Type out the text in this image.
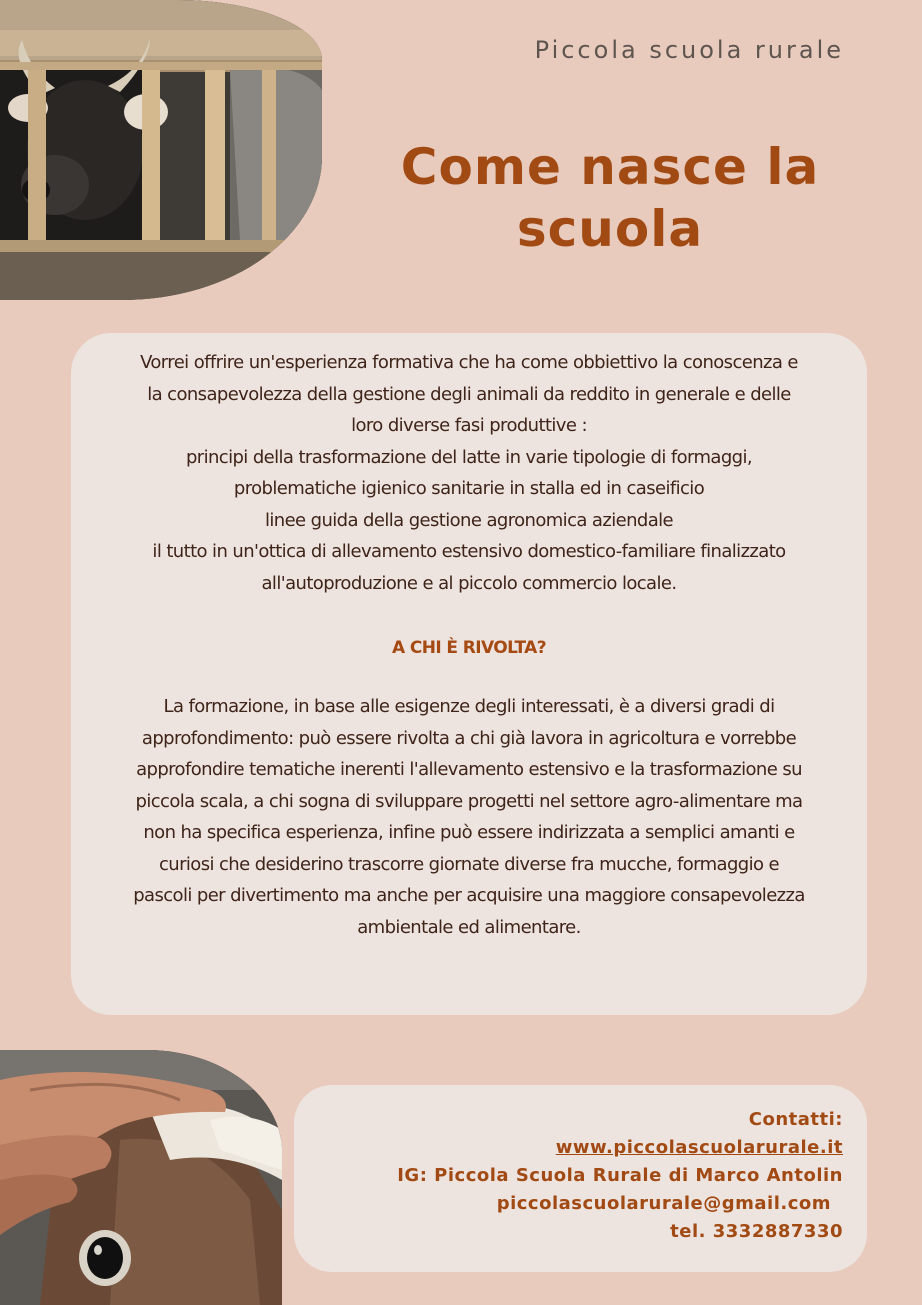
Piccola scuola rurale
Come nasce la
scuola

Vorrei offrire un'esperienza formativa che ha come obbiettivo la conoscenza e
la consapevolezza della gestione degli animali da reddito in generale e delle
loro diverse fasi produttive :
principi della trasformazione del latte in varie tipologie di formaggi,
problematiche igienico sanitarie in stalla ed in caseificio
linee guida della gestione agronomica aziendale
il tutto in un'ottica di allevamento estensivo domestico-familiare finalizzato
all'autoproduzione e al piccolo commercio locale.

A CHI È RIVOLTA?

La formazione, in base alle esigenze degli interessati, è a diversi gradi di
approfondimento: può essere rivolta a chi già lavora in agricoltura e vorrebbe
approfondire tematiche inerenti l'allevamento estensivo e la trasformazione su
piccola scala, a chi sogna di sviluppare progetti nel settore agro-alimentare ma
non ha specifica esperienza, infine può essere indirizzata a semplici amanti e
curiosi che desiderino trascorre giornate diverse fra mucche, formaggio e
pascoli per divertimento ma anche per acquisire una maggiore consapevolezza
ambientale ed alimentare.

Contatti:
www.piccolascuolarurale.it
IG: Piccola Scuola Rurale di Marco Antolin
piccolascuolarurale@gmail.com
tel. 3332887330
